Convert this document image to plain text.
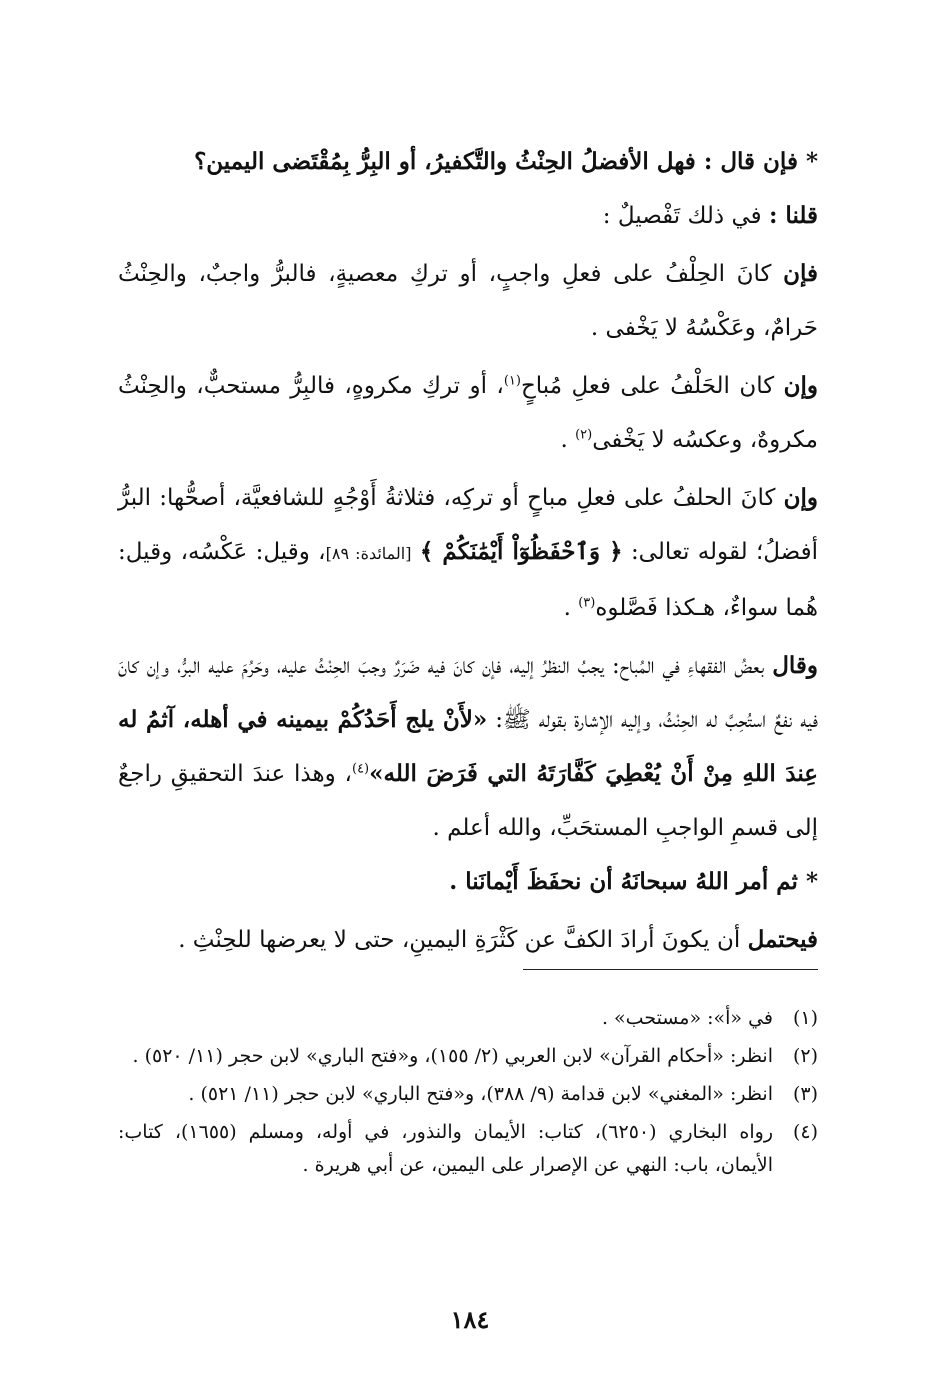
* فإن قال : فهل الأفضلُ الحِنْثُ والتَّكفيرُ، أو البِرُّ بِمُقْتَضى اليمين؟

قلنا : في ذلك تَفْصيلٌ :

فإن كانَ الحِلْفُ على فعلِ واجبٍ، أو تركِ معصيةٍ، فالبرُّ واجبٌ، والحِنْثُ حَرامٌ، وعَكْسُهُ لا يَخْفى .

وإن كان الحَلْفُ على فعلِ مُباحٍ$^{(١)}$، أو تركِ مكروهٍ، فالبِرُّ مستحبٌّ، والحِنْثُ مكروهٌ، وعكسُه لا يَخْفى$^{(٢)}$ .

وإن كانَ الحلفُ على فعلِ مباحٍ أو تركِه، فثلاثةُ أَوْجُهٍ للشافعيَّة، أصحُّها: البرُّ أفضلُ؛ لقوله تعالى: ﴿ وَٱحْفَظُوٓاْ أَيْمَٰنَكُمْ ﴾ [المائدة: ٨٩]، وقيل: عَكْسُه، وقيل: هُما سواءٌ، هـكذا فَصَّلوه$^{(٣)}$ .

وقال بعضُ الفقهاءِ في المُباح: يجبُ النظرُ إليه، فإن كانَ فيه ضَرَرٌ وجبَ الحِنْثُ عليه، وحَرُمَ عليه البرُّ، وإن كانَ فيه نفعٌ استُحِبَّ له الحِنْثُ، وإليه الإشارة بقوله ﷺ: «لأَنْ يلج أَحَدُكُمْ بيمينه في أهله، آثمُ له عِندَ اللهِ مِنْ أَنْ يُعْطِيَ كَفَّارَتَهُ التي فَرَضَ الله»$^{(٤)}$، وهذا عندَ التحقيقِ راجعٌ إلى قسمِ الواجبِ المستحَبِّ، والله أعلم .

* ثم أمر اللهُ سبحانَهُ أن نحفَظَ أَيْمانَنا .

فيحتمل أن يكونَ أرادَ الكفَّ عن كَثْرَةِ اليمينِ، حتى لا يعرضها للحِنْثِ .

(١)
في «أ»: «مستحب» .
(٢)
انظر: «أحكام القرآن» لابن العربي (٢/ ١٥٥)، و«فتح الباري» لابن حجر (١١/ ٥٢٠) .
(٣)
انظر: «المغني» لابن قدامة (٩/ ٣٨٨)، و«فتح الباري» لابن حجر (١١/ ٥٢١) .
(٤)
رواه البخاري (٦٢٥٠)، كتاب: الأيمان والنذور، في أوله، ومسلم (١٦٥٥)، كتاب: الأيمان، باب: النهي عن الإصرار على اليمين، عن أبي هريرة .
١٨٤
